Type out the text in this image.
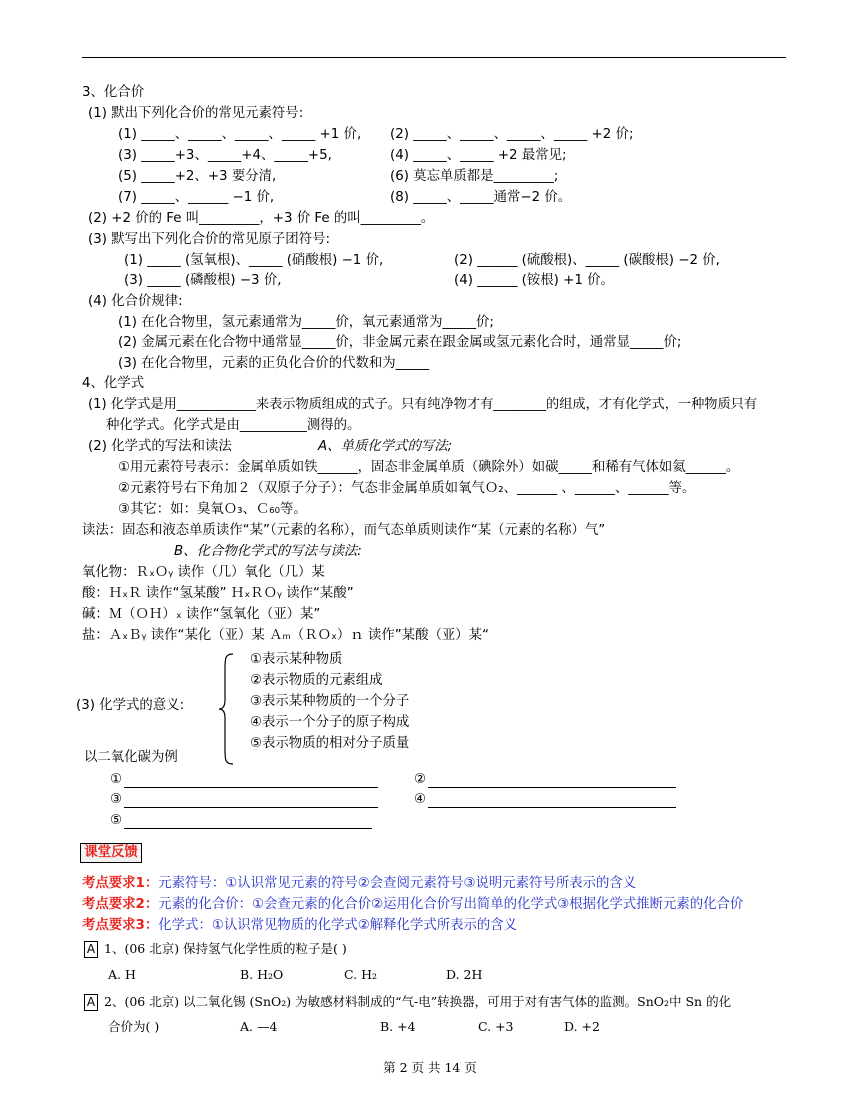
3、化合价
(1) 默出下列化合价的常见元素符号:
(1) _____、_____、_____、_____ +1 价, (2) _____、_____、_____、_____ +2 价;
(3) _____+3、_____+4、_____+5,	(4) _____、_____ +2 最常见;
(5) _____+2、+3 要分清,	(6) 莫忘单质都是_________;
(7) _____、______ −1 价,	(8) _____、_____通常−2 价。
(2) +2 价的 Fe 叫_________，+3 价 Fe 的叫_________。
(3) 默写出下列化合价的常见原子团符号:
(1) _____ (氢氧根)、_____ (硝酸根) −1 价,	(2) ______ (硫酸根)、_____ (碳酸根) −2 价,
(3) _____ (磷酸根) −3 价,	(4) ______ (铵根) +1 价。
(4) 化合价规律:
(1) 在化合物里，氢元素通常为_____价，氧元素通常为_____价;
(2) 金属元素在化合物中通常显_____价，非金属元素在跟金属或氢元素化合时，通常显_____价;
(3) 在化合物里，元素的正负化合价的代数和为_____
4、化学式
(1) 化学式是用____________来表示物质组成的式子。只有纯净物才有________的组成，才有化学式，一种物质只有
种化学式。化学式是由__________测得的。
(2) 化学式的写法和读法	A、单质化学式的写法;
①用元素符号表示：金属单质如铁______，固态非金属单质（碘除外）如碳_____和稀有气体如氦______。
②元素符号右下角加２（双原子分子）：气态非金属单质如氧气Ｏ₂、______ 、______、______等。
③其它：如：臭氧Ｏ₃、Ｃ₆₀等。
读法：固态和液态单质读作“某”（元素的名称），而气态单质则读作“某（元素的名称）气”
B、化合物化学式的写法与读法:
氧化物：ＲₓＯᵧ 读作（几）氧化（几）某
酸：ＨₓＲ 读作“氢某酸” ＨₓＲＯᵧ 读作“某酸”
碱：Ｍ（ＯＨ）ₓ 读作“氢氧化（亚）某”
盐：ＡₓＢᵧ 读作“某化（亚）某 Ａₘ（ＲＯₓ）ｎ 读作”某酸（亚）某“
(3) 化学式的意义:
①表示某种物质
②表示物质的元素组成
③表示某种物质的一个分子
④表示一个分子的原子构成
⑤表示物质的相对分子质量
以二氧化碳为例
①	②
③	④
⑤
课堂反馈
考点要求1：元素符号：①认识常见元素的符号②会查阅元素符号③说明元素符号所表示的含义
考点要求2：元素的化合价：①会查元素的化合价②运用化合价写出简单的化学式③根据化学式推断元素的化合价
考点要求3：化学式：①认识常见物质的化学式②解释化学式所表示的含义
A 1、(06 北京) 保持氢气化学性质的粒子是( )
A. H	B. H₂O	C. H₂	D. 2H
A 2、(06 北京) 以二氧化锡 (SnO₂) 为敏感材料制成的“气-电”转换器，可用于对有害气体的监测。SnO₂中 Sn 的化
合价为( )	A. —4	B. +4	C. +3	D. +2
第 2 页 共 14 页
